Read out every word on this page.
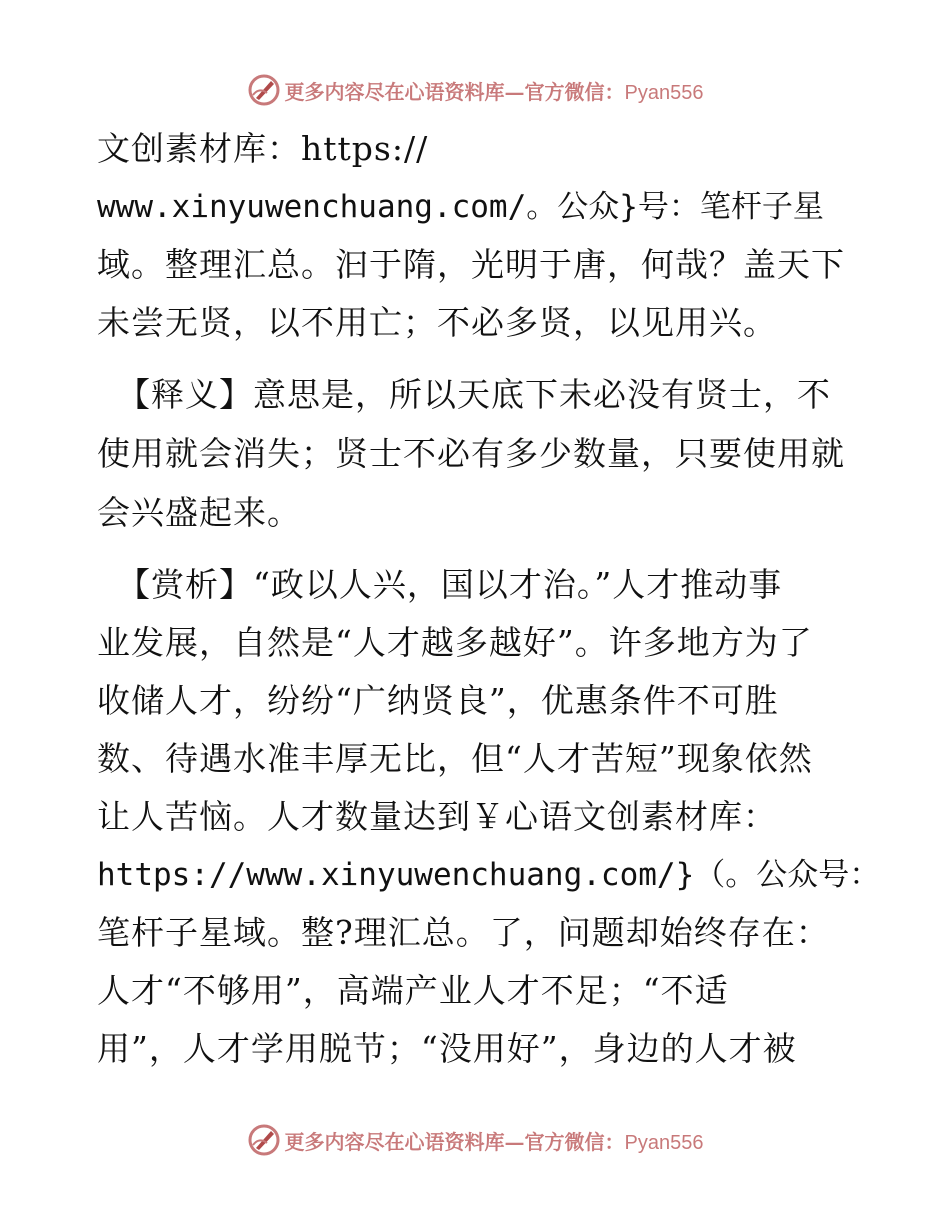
更多内容尽在心语资料库—官方微信：Pyan556
文创素材库：https://
www.xinyuwenchuang.com/。公众}号：笔杆子星
域。整理汇总。汩于隋，光明于唐，何哉？盖天下
未尝无贤，以不用亡；不必多贤，以见用兴。
【释义】意思是，所以天底下未必没有贤士，不
使用就会消失；贤士不必有多少数量，只要使用就
会兴盛起来。
【赏析】“政以人兴，国以才治。”人才推动事
业发展，自然是“人才越多越好”。许多地方为了
收储人才，纷纷“广纳贤良”，优惠条件不可胜
数、待遇水准丰厚无比，但“人才苦短”现象依然
让人苦恼。人才数量达到￥心语文创素材库：
https://www.xinyuwenchuang.com/}（。公众号：
笔杆子星域。整?理汇总。了，问题却始终存在：
人才“不够用”，高端产业人才不足；“不适
用”，人才学用脱节；“没用好”，身边的人才被
更多内容尽在心语资料库—官方微信：Pyan556
